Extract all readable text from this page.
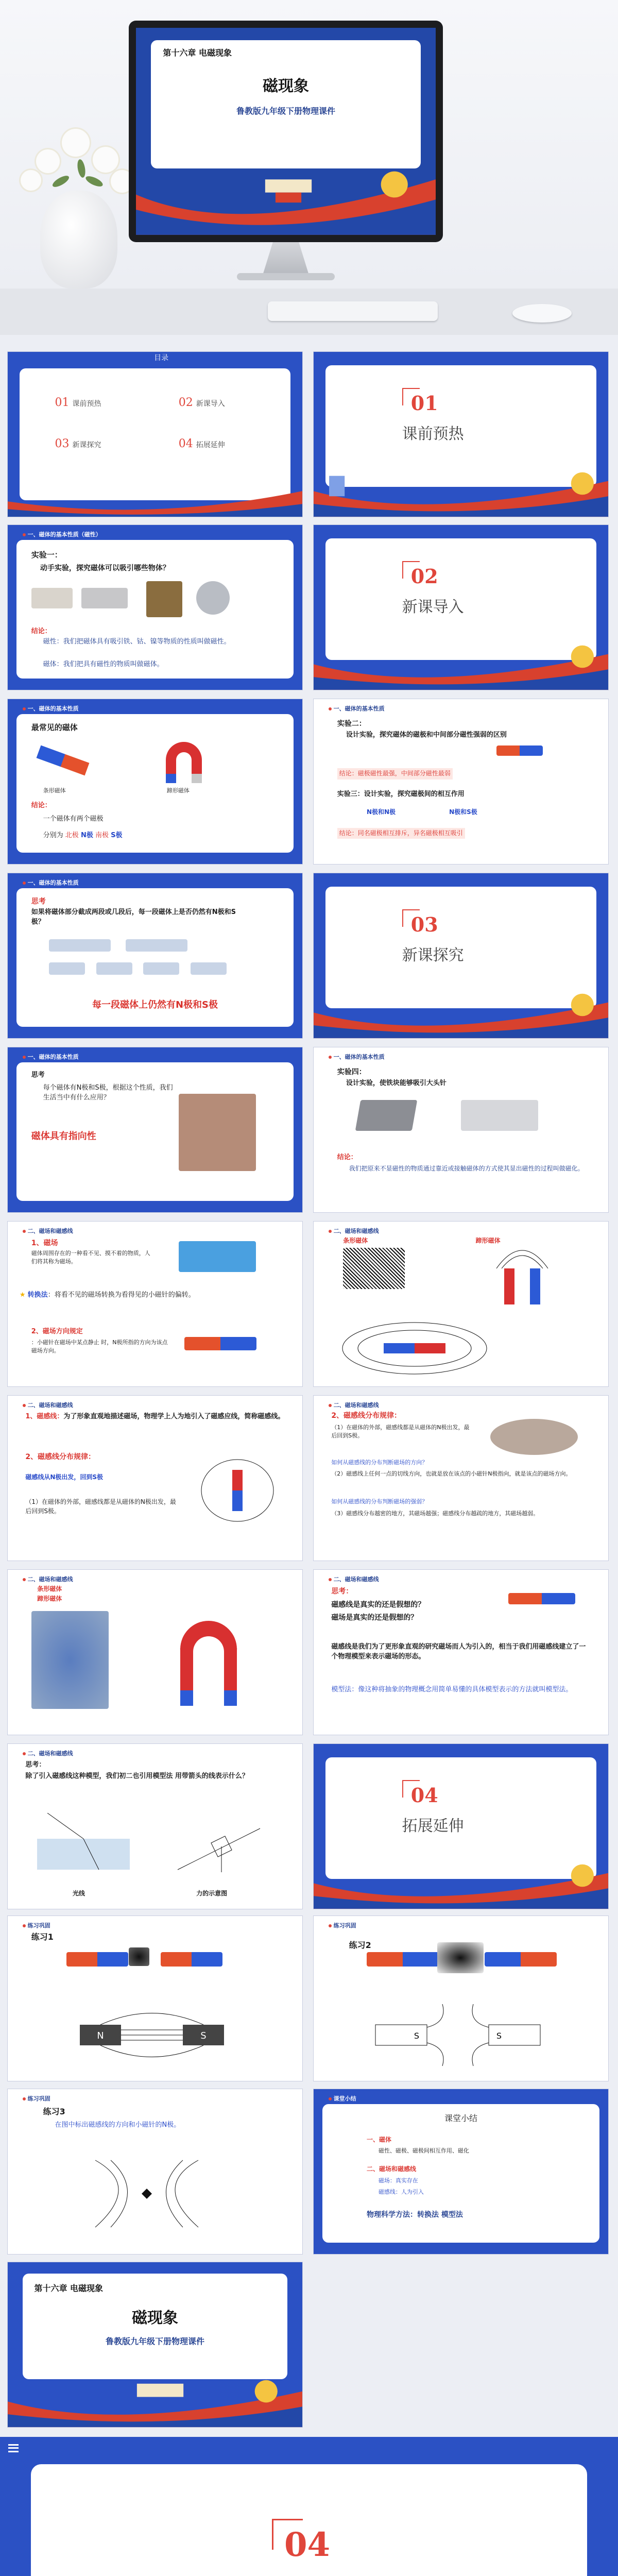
第十六章 电磁现象
磁现象
鲁教版九年级下册物理课件
目录
01 课前预热	02 新课导入
03 新课探究	04 拓展延伸
01
课前预热
一、磁体的基本性质（磁性）
实验一：
动手实验，探究磁体可以吸引哪些物体？
结论：
磁性：我们把磁体具有吸引铁、钴、镍等物质的性质叫做磁性。
磁体：我们把具有磁性的物质叫做磁体。
02
新课导入
一、磁体的基本性质
最常见的磁体
条形磁体	蹄形磁体
结论：
一个磁体有两个磁极
分别为 北极 N极 南极 S极
一、磁体的基本性质
实验二：
设计实验，探究磁体的磁极和中间部分磁性强弱的区别
结论：磁极磁性最强，中间部分磁性最弱
实验三：设计实验，探究磁极间的相互作用
N极和N极	N极和S极
结论：同名磁极相互排斥，异名磁极相互吸引
一、磁体的基本性质
思考
如果将磁体部分截成两段或几段后，每一段磁体上是否仍然有N极和S极？
每一段磁体上仍然有N极和S极
03
新课探究
一、磁体的基本性质
思考
每个磁体有N极和S极，根据这个性质，我们生活当中有什么应用？
磁体具有指向性
一、磁体的基本性质
实验四：
设计实验，使铁块能够吸引大头针
结论：
我们把原来不显磁性的物质通过靠近或接触磁体的方式使其显出磁性的过程叫做磁化。
二、磁场和磁感线
1、磁场
磁体周围存在的一种看不见、摸不着的物质，人们将其称为磁场。
★ 转换法：将看不见的磁场转换为看得见的小磁针的偏转。
2、磁场方向规定
：小磁针在磁场中某点静止 时，N极所指的方向为该点磁场方向。
二、磁场和磁感线
条形磁体	蹄形磁体
二、磁场和磁感线
1、磁感线：为了形象直观地描述磁场，物理学上人为地引入了磁感应线，简称磁感线。
2、磁感线分布规律：
磁感线从N极出发，回到S极
（1）在磁体的外部，磁感线都是从磁体的N极出发，最后回到S极。
二、磁场和磁感线
2、磁感线分布规律：
（1）在磁体的外部，磁感线都是从磁体的N极出发，最后回到S极。
如何从磁感线的分布判断磁场的方向？
（2）磁感线上任何一点的切线方向，也就是放在该点的小磁针N极指向，就是该点的磁场方向。
如何从磁感线的分布判断磁场的强弱？
（3）磁感线分布越密的地方，其磁场越强；磁感线分布越疏的地方，其磁场越弱。
二、磁场和磁感线
条形磁体
蹄形磁体
二、磁场和磁感线
思考：
磁感线是真实的还是假想的？
磁场是真实的还是假想的？
磁感线是我们为了更形象直观的研究磁场而人为引入的，相当于我们用磁感线建立了一个物理模型来表示磁场的形态。
模型法：像这种将抽象的物理概念用简单易懂的具体模型表示的方法就叫模型法。
二、磁场和磁感线
思考：
除了引入磁感线这种模型，我们初二也引用模型法 用带箭头的线表示什么？
光线	力的示意图
04
拓展延伸
练习巩固
练习1
N	S
练习巩固
练习2
S	S
练习巩固
练习3
在图中标出磁感线的方向和小磁针的N极。
课堂小结
课堂小结
一、磁体
磁性、磁极、磁极间相互作用、磁化
二、磁场和磁感线
磁场：真实存在
磁感线：人为引入
物理科学方法：转换法 模型法
第十六章 电磁现象
磁现象
鲁教版九年级下册物理课件
04
